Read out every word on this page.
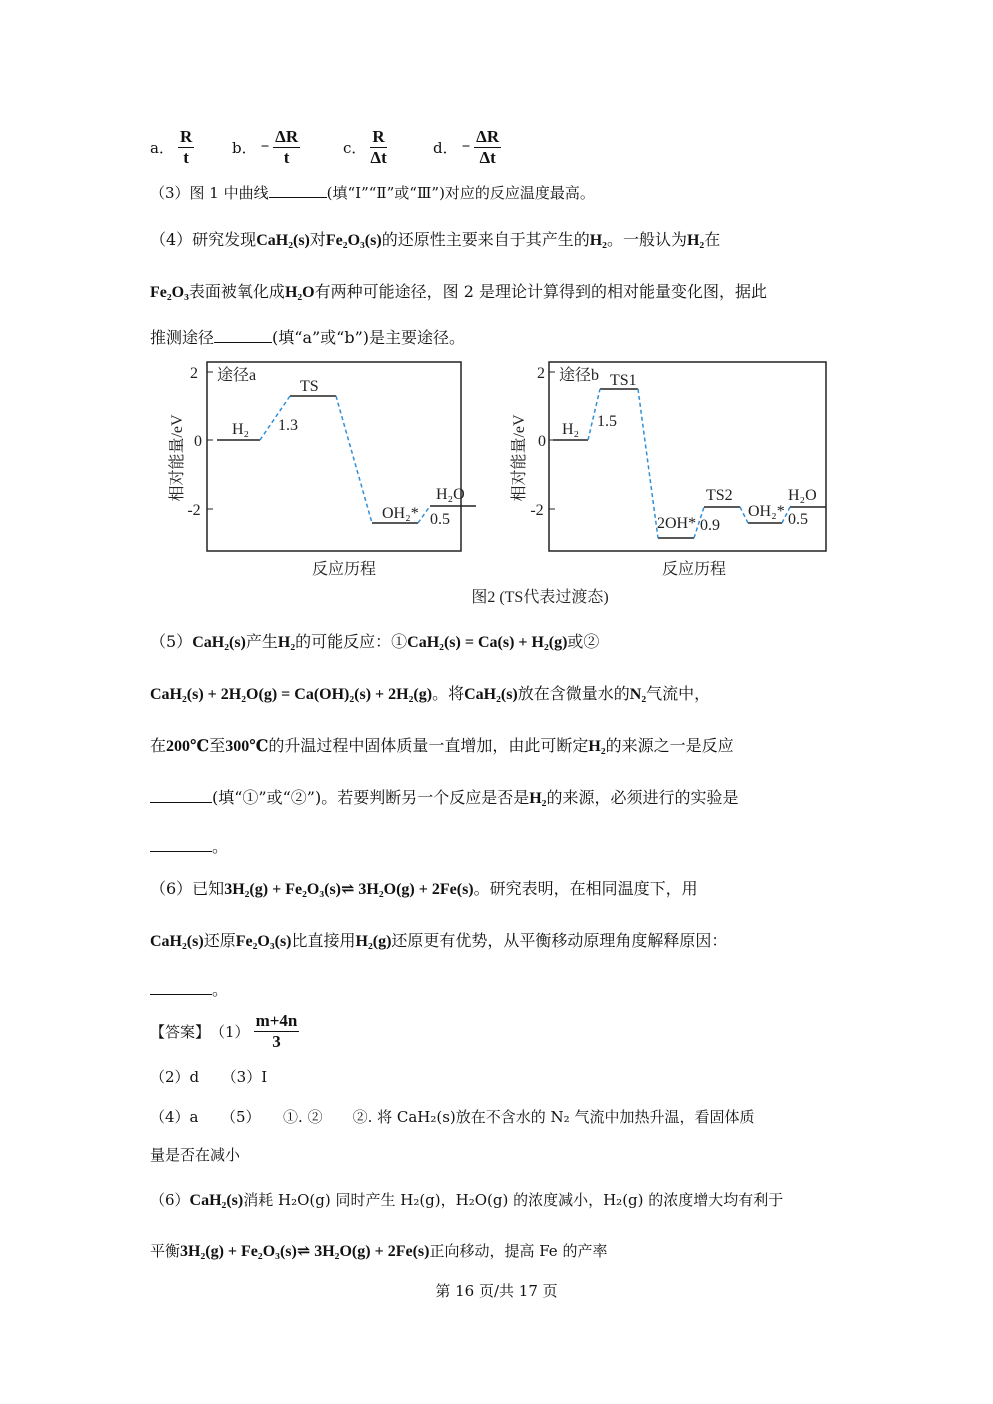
a． $\frac{R}{t}$	b． − $\frac{\Delta R}{t}$	c． $\frac{R}{\Delta t}$	d． − $\frac{\Delta R}{\Delta t}$
（3）图 1 中曲线	(填“Ⅰ”“Ⅱ”或“Ⅲ”)对应的反应温度最高。
（4）研究发现CaH₂(s)对Fe₂O₃(s)的还原性主要来自于其产生的H₂。一般认为H₂在
Fe₂O₃表面被氧化成H₂O有两种可能途径，图 2 是理论计算得到的相对能量变化图，据此
推测途径	(填“a”或“b”)是主要途径。
途径a
2
0
-2
相对能量/eV
反应历程
H₂
TS
OH₂*
H₂O
1.3
0.5
途径b
2
0
-2
相对能量/eV
反应历程
H₂
TS1
2OH*
TS2
OH₂*
H₂O
1.5
0.9	0.5
图2 (TS代表过渡态)
（5）CaH₂(s)产生H₂的可能反应：①CaH₂(s) = Ca(s) + H₂(g)或②
CaH₂(s) + 2H₂O(g) = Ca(OH)₂(s) + 2H₂(g)。将CaH₂(s)放在含微量水的N₂气流中，
在200℃至300℃的升温过程中固体质量一直增加，由此可断定H₂的来源之一是反应
(填“①”或“②”)。若要判断另一个反应是否是H₂的来源，必须进行的实验是
。
（6）已知3H₂(g) + Fe₂O₃(s)⇌ 3H₂O(g) + 2Fe(s)。研究表明，在相同温度下，用
CaH₂(s)还原Fe₂O₃(s)比直接用H₂(g)还原更有优势，从平衡移动原理角度解释原因：
。
【答案】 $(1) \frac{m+4n}{3}$
（2）d　　（3）Ⅰ
（4）a　　（5）　　①. ②　　②. 将 CaH₂(s)放在不含水的 N₂ 气流中加热升温，看固体质
量是否在减小
（6）CaH₂(s)消耗 H₂O(g) 同时产生 H₂(g)，H₂O(g) 的浓度减小，H₂(g) 的浓度增大均有利于
平衡3H₂(g) + Fe₂O₃(s)⇌ 3H₂O(g) + 2Fe(s)正向移动，提高 Fe 的产率
第 16 页/共 17 页
